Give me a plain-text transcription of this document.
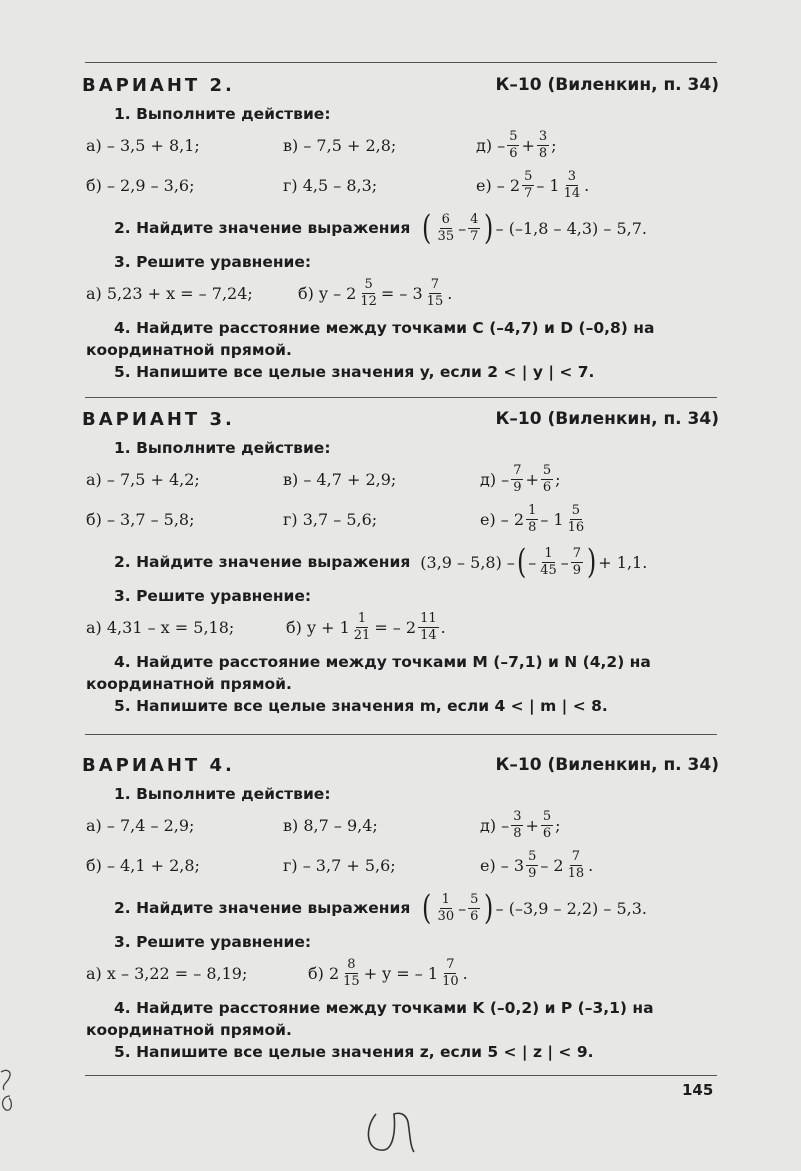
ВАРИАНТ 2.	К–10 (Виленкин, п. 34)
1. Выполните действие:
а) – 3,5 + 8,1;	в) – 7,5 + 2,8;	$д) - \frac{5}{6} + \frac{3}{8}$ ;
б) – 2,9 – 3,6;	г) 4,5 – 8,3;	$е) - 2 \frac{5}{7} - 1 \frac{3}{14}$ .
2. Найдите значение выражения ( $\frac{6}{35} - \frac{4}{7}$ ) – (–1,8 – 4,3) – 5,7.
3. Решите уравнение:
а) 5,23 + x = – 7,24;	б) y – $2 \frac{5}{12}$ = – $3 \frac{7}{15}$ .
4. Найдите расстояние между точками C (–4,7) и D (–0,8) на
координатной прямой.
5. Напишите все целые значения y, если 2 < | y | < 7.
ВАРИАНТ 3.	К–10 (Виленкин, п. 34)
1. Выполните действие:
а) – 7,5 + 4,2;	в) – 4,7 + 2,9;	$д) - \frac{7}{9} + \frac{5}{6}$ ;
б) – 3,7 – 5,8;	г) 3,7 – 5,6;	$е) - 2 \frac{1}{8} - 1 \frac{5}{16}$
2. Найдите значение выражения (3,9 – 5,8) – ( – $\frac{1}{45} - \frac{7}{9}$ ) + 1,1.
3. Решите уравнение:
а) 4,31 – x = 5,18;	б) $y + 1 \frac{1}{21}$ = – $2 \frac{11}{14}$ .
4. Найдите расстояние между точками M (–7,1) и N (4,2) на
координатной прямой.
5. Напишите все целые значения m, если 4 < | m | < 8.
ВАРИАНТ 4.	К–10 (Виленкин, п. 34)
1. Выполните действие:
а) – 7,4 – 2,9;	в) 8,7 – 9,4;	$д) - \frac{3}{8} + \frac{5}{6}$ ;
б) – 4,1 + 2,8;	г) – 3,7 + 5,6;	$е) - 3 \frac{5}{9} - 2 \frac{7}{18}$ .
2. Найдите значение выражения ( $\frac{1}{30} - \frac{5}{6}$ ) – (–3,9 – 2,2) – 5,3.
3. Решите уравнение:
а) x – 3,22 = – 8,19;	б) $2 \frac{8}{15} + y$ = – $1 \frac{7}{10}$ .
4. Найдите расстояние между точками K (–0,2) и P (–3,1) на
координатной прямой.
5. Напишите все целые значения z, если 5 < | z | < 9.
145
